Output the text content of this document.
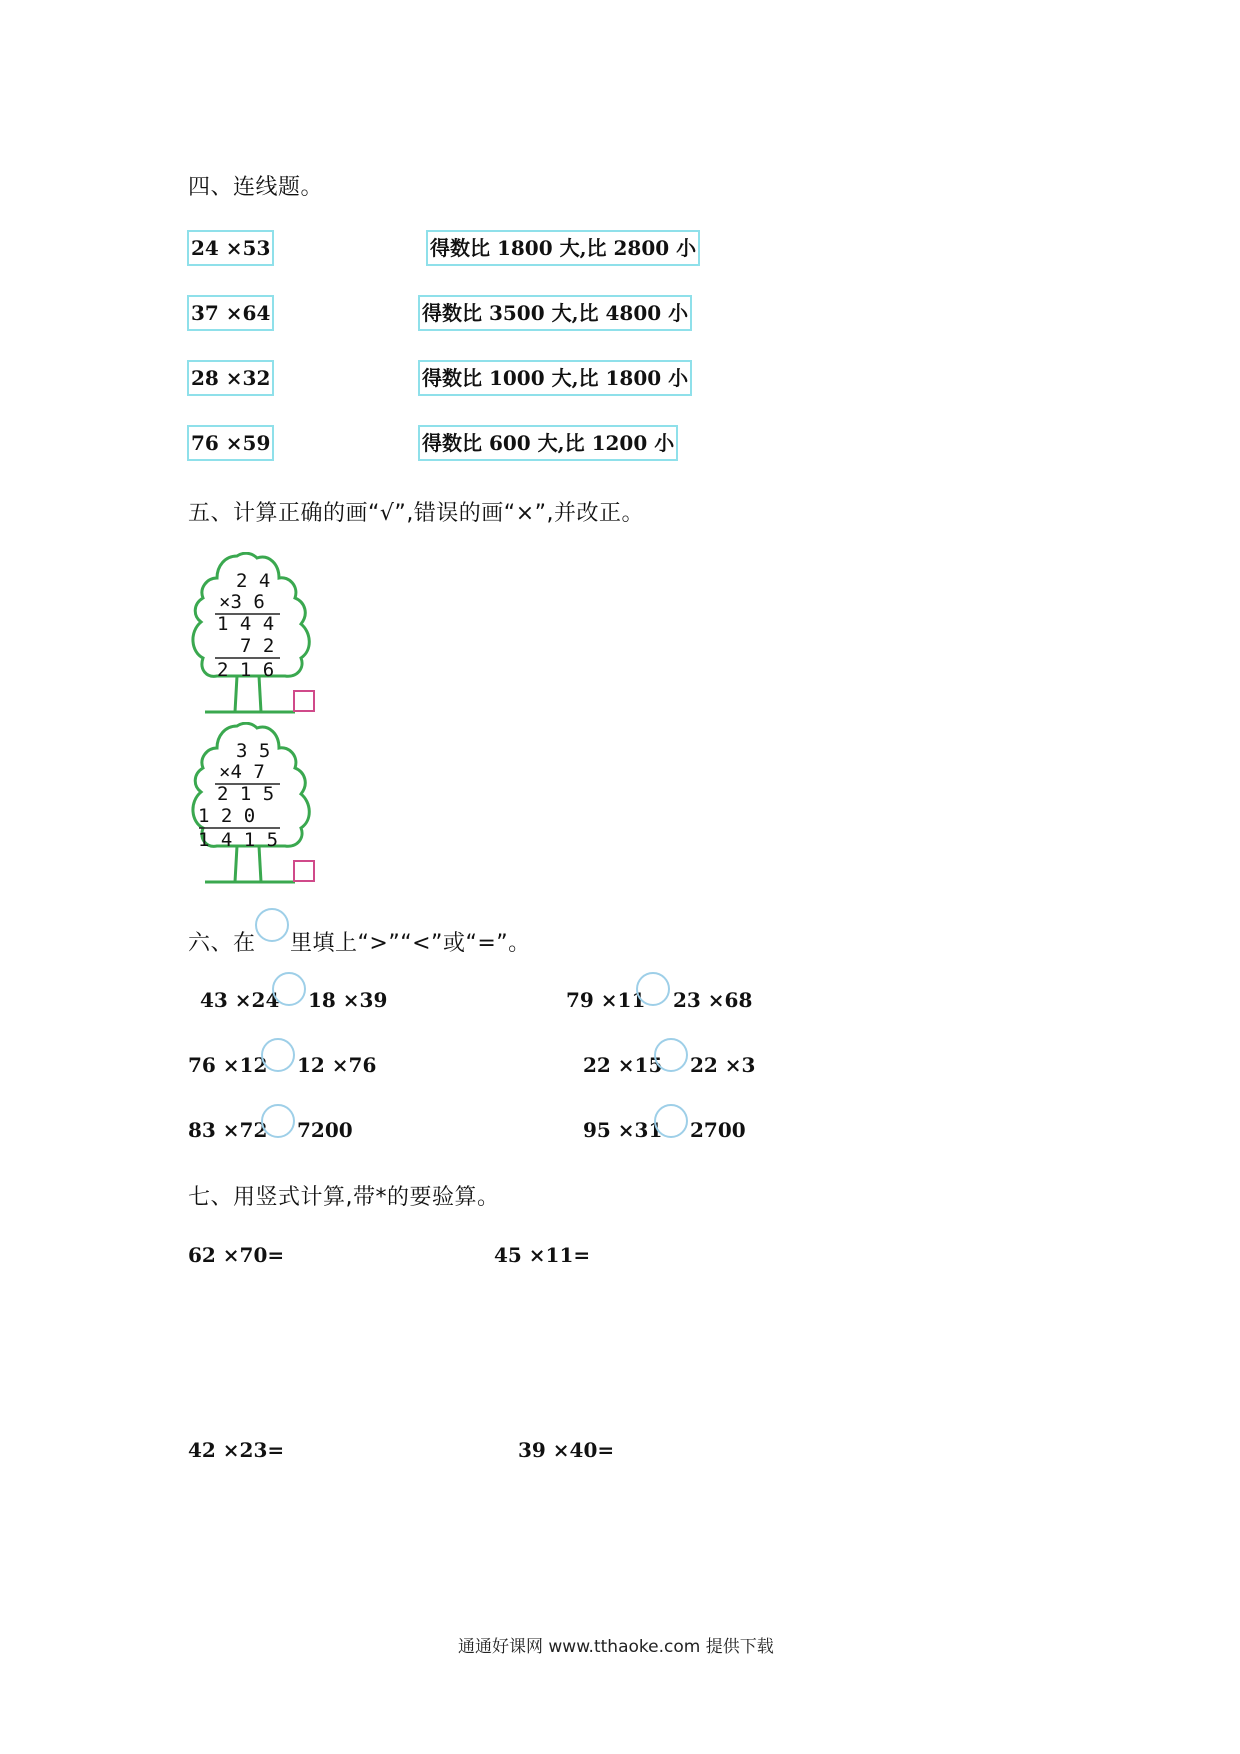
四、连线题。
24 ×53
37 ×64
28 ×32
76 ×59
得数比 1800 大,比 2800 小
得数比 3500 大,比 4800 小
得数比 1000 大,比 1800 小
得数比 600 大,比 1200 小
五、计算正确的画“√”,错误的画“×”,并改正。
2 4
×3 6
1 4 4
7 2
2 1 6
3 5
×4 7
2 1 5
1 2 0
1 4 1 5
六、在 里填上“>”“<”或“=”。
43 ×24 18 ×39	79 ×11 23 ×68
76 ×12 12 ×76	22 ×15 22 ×3
83 ×72 7200	95 ×31 2700
七、用竖式计算,带*的要验算。
62 ×70=	45 ×11=
42 ×23=	39 ×40=
通通好课网 www.tthaoke.com 提供下载
